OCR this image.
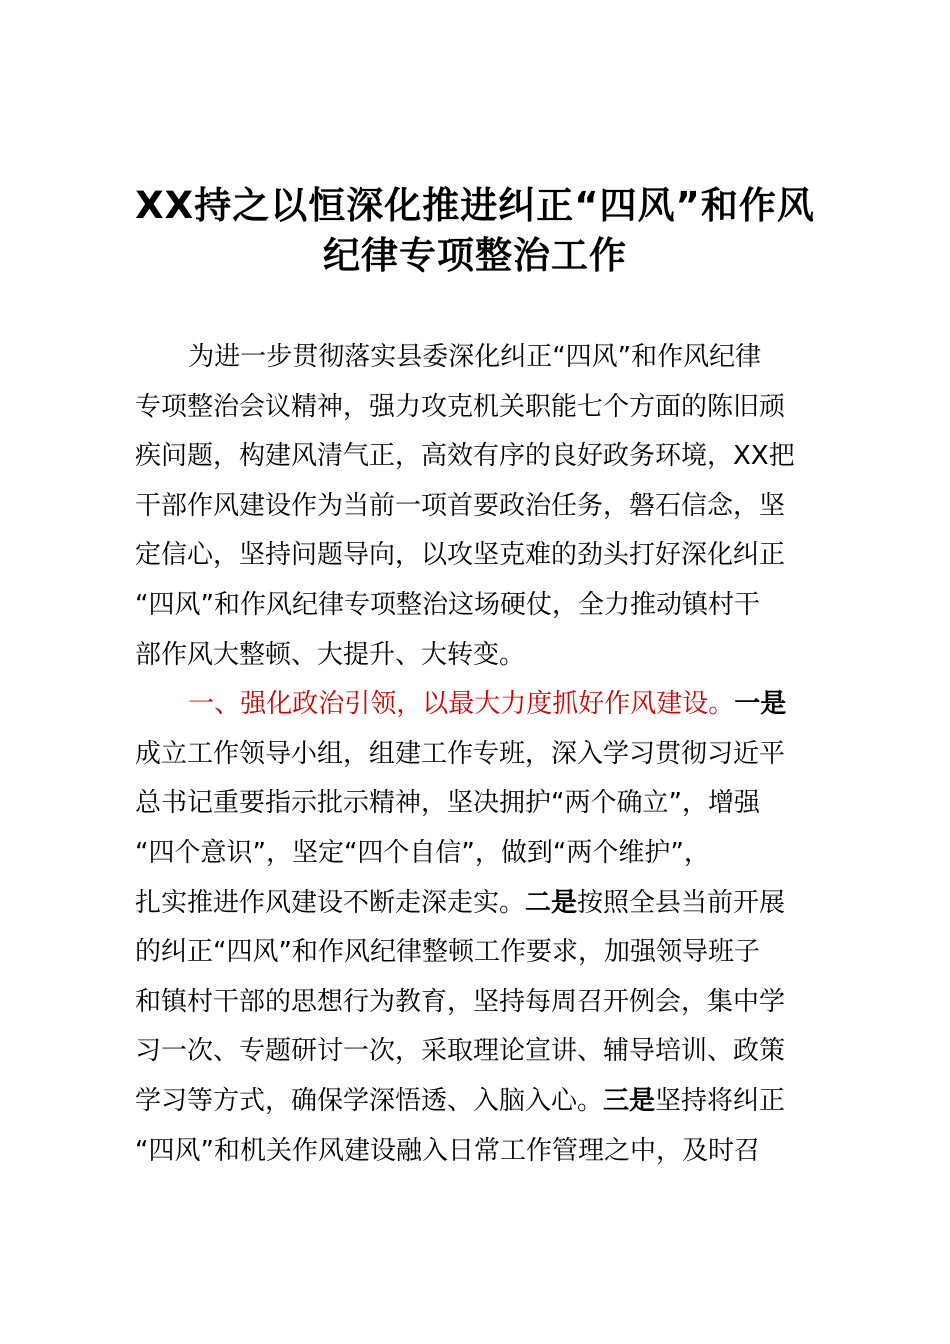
XX持之以恒深化推进纠正“四风”和作风
纪律专项整治工作
为进一步贯彻落实县委深化纠正“四风”和作风纪律
专项整治会议精神，强力攻克机关职能七个方面的陈旧顽
疾问题，构建风清气正，高效有序的良好政务环境，XX把
干部作风建设作为当前一项首要政治任务，磐石信念，坚
定信心，坚持问题导向，以攻坚克难的劲头打好深化纠正
“四风”和作风纪律专项整治这场硬仗，全力推动镇村干
部作风大整顿、大提升、大转变。
一、强化政治引领，以最大力度抓好作风建设。一是
成立工作领导小组，组建工作专班，深入学习贯彻习近平
总书记重要指示批示精神，坚决拥护“两个确立”，增强
“四个意识”，坚定“四个自信”，做到“两个维护”，
扎实推进作风建设不断走深走实。二是按照全县当前开展
的纠正“四风”和作风纪律整顿工作要求，加强领导班子
和镇村干部的思想行为教育，坚持每周召开例会，集中学
习一次、专题研讨一次，采取理论宣讲、辅导培训、政策
学习等方式，确保学深悟透、入脑入心。三是坚持将纠正
“四风”和机关作风建设融入日常工作管理之中，及时召
